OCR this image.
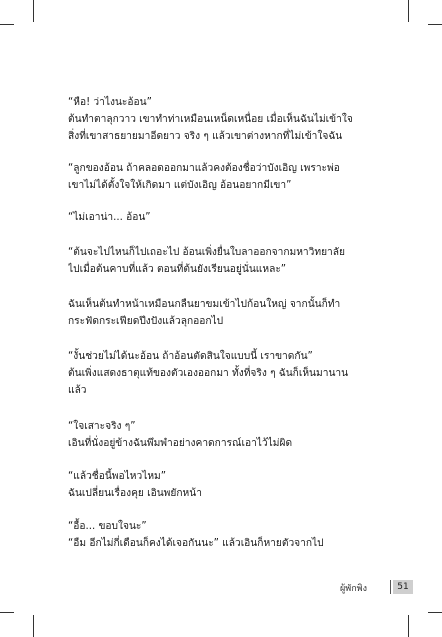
“หือ! ว่าไงนะอ้อน”
ต้นทำตาลุกวาว เขาทำท่าเหมือนเหน็ดเหนื่อย เมื่อเห็นฉันไม่เข้าใจ
สิ่งที่เขาสาธยายมาอีดยาว จริง ๆ แล้วเขาต่างหากที่ไม่เข้าใจฉัน

“ลูกของอ้อน ถ้าคลอดออกมาแล้วคงต้องชื่อว่าบังเอิญ เพราะพ่อ
เขาไม่ได้ตั้งใจให้เกิดมา แต่บังเอิญ อ้อนอยากมีเขา”

“ไม่เอาน่า... อ้อน”

“ต้นจะไปไหนก็ไปเถอะไป อ้อนเพิ่งยื่นใบลาออกจากมหาวิทยาลัย
ไปเมื่อต้นคาบที่แล้ว ตอนที่ต้นยังเรียนอยู่นั่นแหละ”

ฉันเห็นต้นทำหน้าเหมือนกลืนยาขมเข้าไปก้อนใหญ่ จากนั้นก็ทำ
กระฟัดกระเฟียดปึงปังแล้วลุกออกไป

“งั้นช่วยไม่ได้นะอ้อน ถ้าอ้อนตัดสินใจแบบนี้ เราขาดกัน”
ต้นเพิ่งแสดงธาตุแท้ของตัวเองออกมา ทั้งที่จริง ๆ ฉันก็เห็นมานาน
แล้ว

“ใจเสาะจริง ๆ”
เอินที่นั่งอยู่ข้างฉันพึมพำอย่างคาดการณ์เอาไว้ไม่ผิด

“แล้วชื่อนี้พอไหวไหม”
ฉันเปลี่ยนเรื่องคุย เอินพยักหน้า

“อื้อ... ขอบใจนะ”
“อืม อีกไม่กี่เดือนก็คงได้เจอกันนะ” แล้วเอินก็หายตัวจากไป

ผู้พักพิง	51
